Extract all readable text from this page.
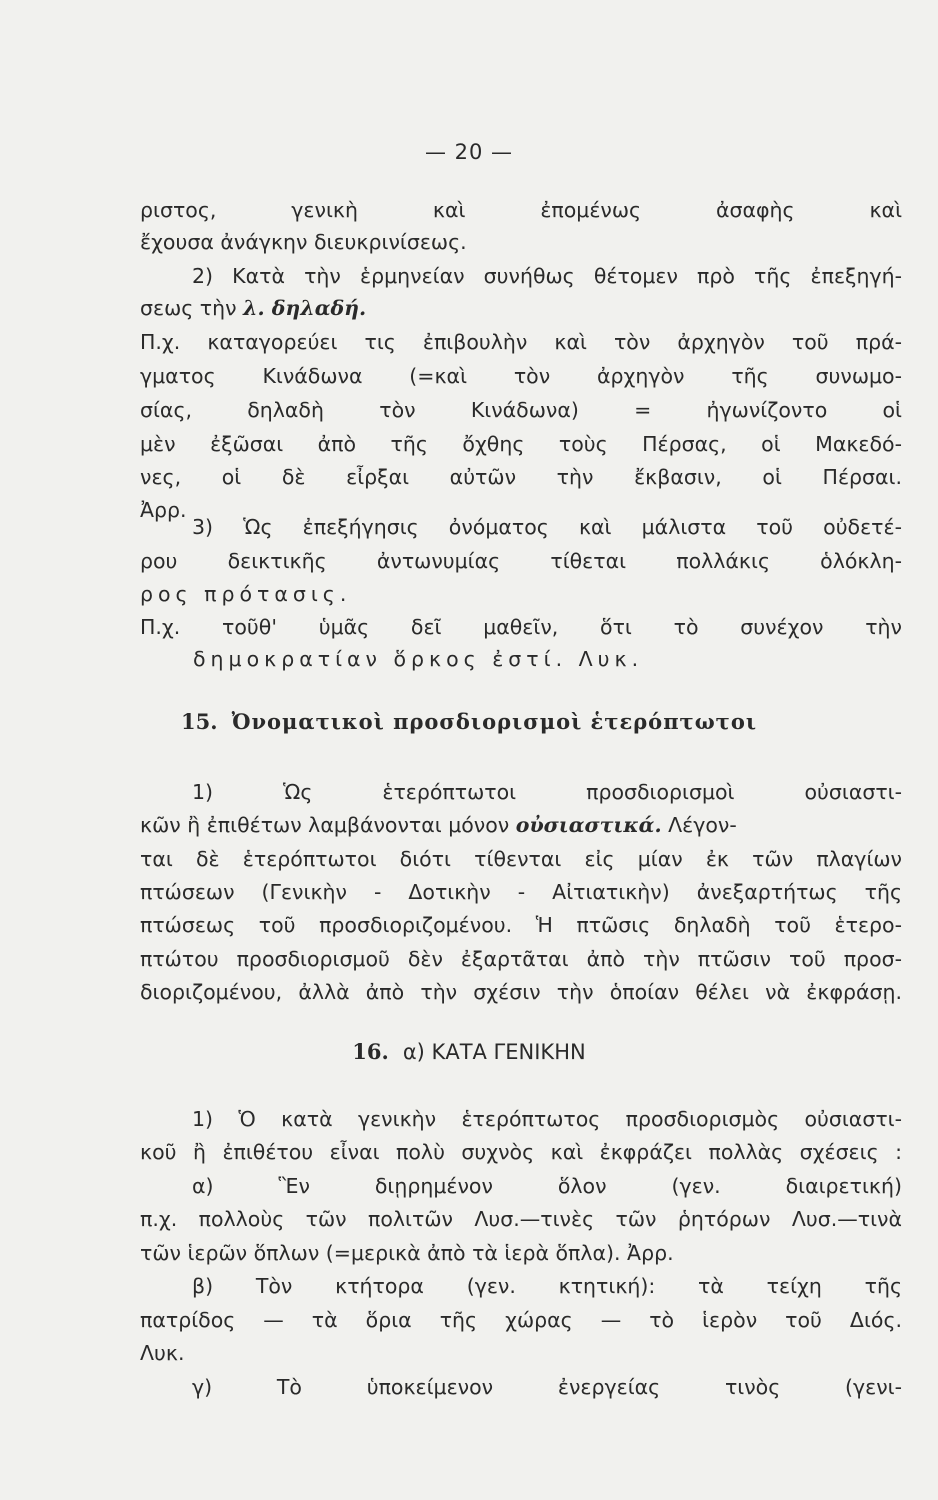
— 20 —
ριστος, γενικὴ καὶ ἐπομένως ἀσαφὴς καὶ
ἔχουσα ἀνάγκην διευκρινίσεως.
2) Κατὰ τὴν ἑρμηνείαν συνήθως θέτομεν πρὸ τῆς ἐπεξηγή-
σεως τὴν λ. δηλαδή.
Π.χ. καταγορεύει τις ἐπιβουλὴν καὶ τὸν ἀρχηγὸν τοῦ πρά-
γματος Κινάδωνα (=καὶ τὸν ἀρχηγὸν τῆς συνωμο-
σίας, δηλαδὴ τὸν Κινάδωνα) = ἠγωνίζοντο οἱ
μὲν ἐξῶσαι ἀπὸ τῆς ὄχθης τοὺς Πέρσας, οἱ Μακεδό-
νες, οἱ δὲ εἶρξαι αὐτῶν τὴν ἔκβασιν, οἱ Πέρσαι.
Ἀρρ.
3) Ὡς ἐπεξήγησις ὀνόματος καὶ μάλιστα τοῦ οὐδετέ-
ρου δεικτικῆς ἀντωνυμίας τίθεται πολλάκις ὁλόκλη-
ρος πρότασις.
Π.χ. τοῦθ' ὑμᾶς δεῖ μαθεῖν, ὅτι τὸ συνέχον τὴν
δημοκρατίαν ὅρκος ἐστί. Λυκ.
15. Ὀνοματικοὶ προσδιορισμοὶ ἑτερόπτωτοι
1) Ὡς ἑτερόπτωτοι προσδιορισμοὶ οὐσιαστι-
κῶν ἢ ἐπιθέτων λαμβάνονται μόνον οὐσιαστικά. Λέγον-
ται δὲ ἑτερόπτωτοι διότι τίθενται εἰς μίαν ἐκ τῶν πλαγίων
πτώσεων (Γενικὴν - Δοτικὴν - Αἰτιατικὴν) ἀνεξαρτήτως τῆς
πτώσεως τοῦ προσδιοριζομένου. Ἡ πτῶσις δηλαδὴ τοῦ ἑτερο-
πτώτου προσδιορισμοῦ δὲν ἐξαρτᾶται ἀπὸ τὴν πτῶσιν τοῦ προσ-
διοριζομένου, ἀλλὰ ἀπὸ τὴν σχέσιν τὴν ὁποίαν θέλει νὰ ἐκφράσῃ.
16. α) ΚΑΤΑ ΓΕΝΙΚΗΝ
1) Ὁ κατὰ γενικὴν ἑτερόπτωτος προσδιορισμὸς οὐσιαστι-
κοῦ ἢ ἐπιθέτου εἶναι πολὺ συχνὸς καὶ ἐκφράζει πολλὰς σχέσεις :
α) Ἓν διῃρημένον ὅλον (γεν. διαιρετική)
π.χ. πολλοὺς τῶν πολιτῶν Λυσ.—τινὲς τῶν ῥητόρων Λυσ.—τινὰ
τῶν ἱερῶν ὅπλων (=μερικὰ ἀπὸ τὰ ἱερὰ ὅπλα). Ἀρρ.
β) Τὸν κτήτορα (γεν. κτητική): τὰ τείχη τῆς
πατρίδος — τὰ ὅρια τῆς χώρας — τὸ ἱερὸν τοῦ Διός.
Λυκ.
γ) Τὸ ὑποκείμενον ἐνεργείας τινὸς (γενι-
